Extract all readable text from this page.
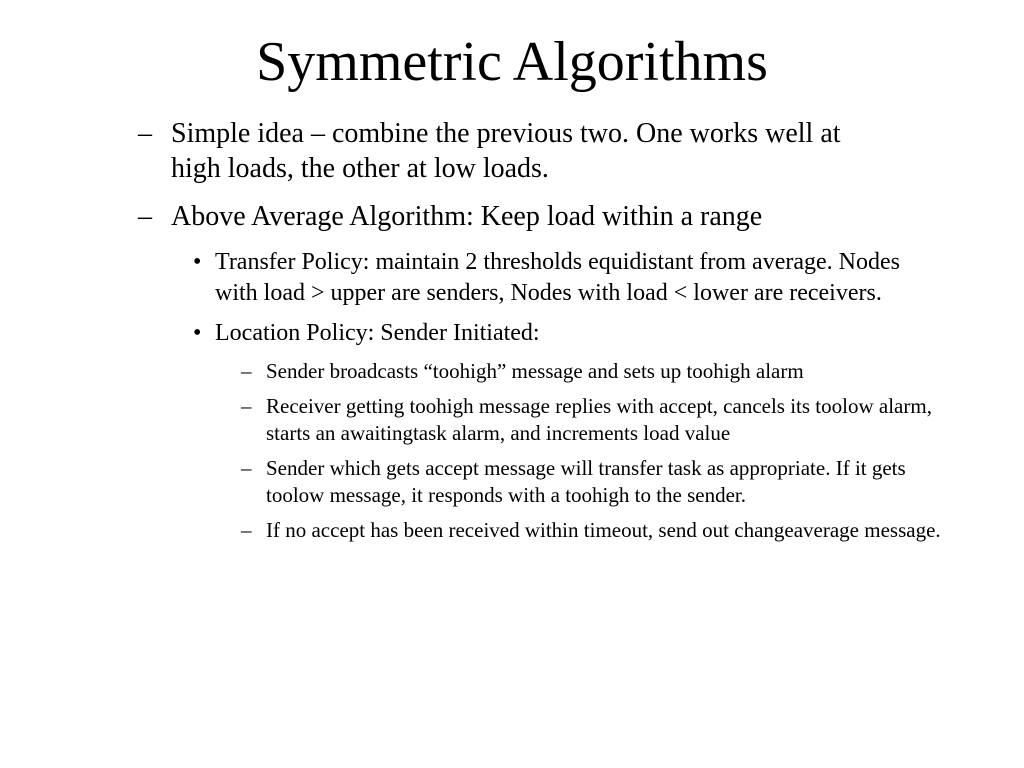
Symmetric Algorithms
– Simple idea – combine the previous two. One works well at high loads, the other at low loads.
– Above Average Algorithm: Keep load within a range
• Transfer Policy: maintain 2 thresholds equidistant from average. Nodes with load > upper are senders, Nodes with load < lower are receivers.
• Location Policy: Sender Initiated:
– Sender broadcasts “toohigh” message and sets up toohigh alarm
– Receiver getting toohigh message replies with accept, cancels its toolow alarm, starts an awaitingtask alarm, and increments load value
– Sender which gets accept message will transfer task as appropriate. If it gets toolow message, it responds with a toohigh to the sender.
– If no accept has been received within timeout, send out changeaverage message.
